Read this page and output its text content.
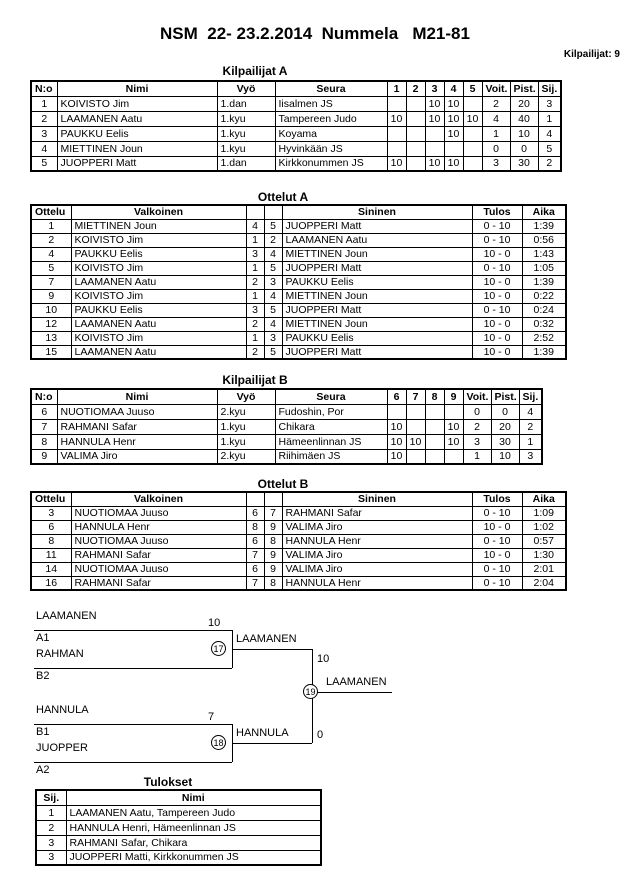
NSM  22- 23.2.2014  Nummela   M21-81
Kilpailijat: 9
Kilpailijat A
N:o	Nimi	Vyö	Seura	1	2	3	4	5	Voit.	Pist.	Sij.
1	KOIVISTO Jim	1.dan	Iisalmen JS			10	10		2	20	3
2	LAAMANEN Aatu	1.kyu	Tampereen Judo	10		10	10	10	4	40	1
3	PAUKKU Eelis	1.kyu	Koyama				10		1	10	4
4	MIETTINEN Joun	1.kyu	Hyvinkään JS						0	0	5
5	JUOPPERI Matt	1.dan	Kirkkonummen JS	10		10	10		3	30	2
Ottelut A
Ottelu	Valkoinen			Sininen	Tulos	Aika
1	MIETTINEN Joun	4	5	JUOPPERI Matt	0 - 10	1:39
2	KOIVISTO Jim	1	2	LAAMANEN Aatu	0 - 10	0:56
4	PAUKKU Eelis	3	4	MIETTINEN Joun	10 - 0	1:43
5	KOIVISTO Jim	1	5	JUOPPERI Matt	0 - 10	1:05
7	LAAMANEN Aatu	2	3	PAUKKU Eelis	10 - 0	1:39
9	KOIVISTO Jim	1	4	MIETTINEN Joun	10 - 0	0:22
10	PAUKKU Eelis	3	5	JUOPPERI Matt	0 - 10	0:24
12	LAAMANEN Aatu	2	4	MIETTINEN Joun	10 - 0	0:32
13	KOIVISTO Jim	1	3	PAUKKU Eelis	10 - 0	2:52
15	LAAMANEN Aatu	2	5	JUOPPERI Matt	10 - 0	1:39
Kilpailijat B
N:o	Nimi	Vyö	Seura	6	7	8	9	Voit.	Pist.	Sij.
6	NUOTIOMAA Juuso	2.kyu	Fudoshin, Por					0	0	4
7	RAHMANI Safar	1.kyu	Chikara	10			10	2	20	2
8	HANNULA Henr	1.kyu	Hämeenlinnan JS	10	10		10	3	30	1
9	VALIMA Jiro	2.kyu	Riihimäen JS	10				1	10	3
Ottelut B
Ottelu	Valkoinen			Sininen	Tulos	Aika
3	NUOTIOMAA Juuso	6	7	RAHMANI Safar	0 - 10	1:09
6	HANNULA Henr	8	9	VALIMA Jiro	10 - 0	1:02
8	NUOTIOMAA Juuso	6	8	HANNULA Henr	0 - 10	0:57
11	RAHMANI Safar	7	9	VALIMA Jiro	10 - 0	1:30
14	NUOTIOMAA Juuso	6	9	VALIMA Jiro	0 - 10	2:01
16	RAHMANI Safar	7	8	HANNULA Henr	0 - 10	2:04
LAAMANEN
A1
10
RAHMAN
B2
17
LAAMANEN
10
HANNULA
B1
7
JUOPPER
A2
18
HANNULA	0
19
LAAMANEN
Tulokset
Sij.	Nimi
1	LAAMANEN Aatu, Tampereen Judo
2	HANNULA Henri, Hämeenlinnan JS
3	RAHMANI Safar, Chikara
3	JUOPPERI Matti, Kirkkonummen JS
